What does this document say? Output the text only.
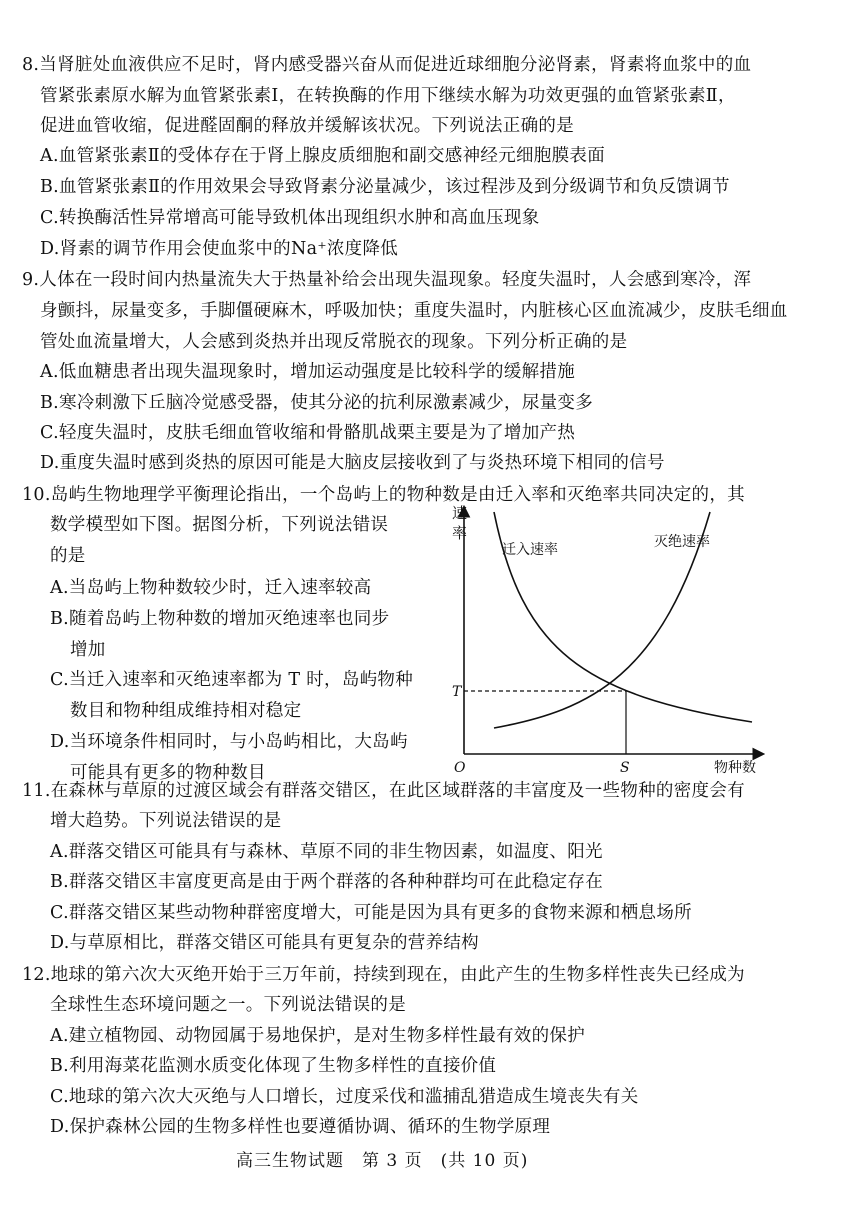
8.当肾脏处血液供应不足时，肾内感受器兴奋从而促进近球细胞分泌肾素，肾素将血浆中的血
管紧张素原水解为血管紧张素Ⅰ，在转换酶的作用下继续水解为功效更强的血管紧张素Ⅱ，
促进血管收缩，促进醛固酮的释放并缓解该状况。下列说法正确的是
A.血管紧张素Ⅱ的受体存在于肾上腺皮质细胞和副交感神经元细胞膜表面
B.血管紧张素Ⅱ的作用效果会导致肾素分泌量减少，该过程涉及到分级调节和负反馈调节
C.转换酶活性异常增高可能导致机体出现组织水肿和高血压现象
D.肾素的调节作用会使血浆中的Na⁺浓度降低
9.人体在一段时间内热量流失大于热量补给会出现失温现象。轻度失温时，人会感到寒冷，浑
身颤抖，尿量变多，手脚僵硬麻木，呼吸加快；重度失温时，内脏核心区血流减少，皮肤毛细血
管处血流量增大，人会感到炎热并出现反常脱衣的现象。下列分析正确的是
A.低血糖患者出现失温现象时，增加运动强度是比较科学的缓解措施
B.寒冷刺激下丘脑冷觉感受器，使其分泌的抗利尿激素减少，尿量变多
C.轻度失温时，皮肤毛细血管收缩和骨骼肌战栗主要是为了增加产热
D.重度失温时感到炎热的原因可能是大脑皮层接收到了与炎热环境下相同的信号
10.岛屿生物地理学平衡理论指出，一个岛屿上的物种数是由迁入率和灭绝率共同决定的，其
数学模型如下图。据图分析，下列说法错误
的是
A.当岛屿上物种数较少时，迁入速率较高
B.随着岛屿上物种数的增加灭绝速率也同步
增加
C.当迁入速率和灭绝速率都为 T 时，岛屿物种
数目和物种组成维持相对稳定
D.当环境条件相同时，与小岛屿相比，大岛屿
可能具有更多的物种数目
速
率
迁入速率	灭绝速率
T
S
O	物种数
11.在森林与草原的过渡区域会有群落交错区，在此区域群落的丰富度及一些物种的密度会有
增大趋势。下列说法错误的是
A.群落交错区可能具有与森林、草原不同的非生物因素，如温度、阳光
B.群落交错区丰富度更高是由于两个群落的各种种群均可在此稳定存在
C.群落交错区某些动物种群密度增大，可能是因为具有更多的食物来源和栖息场所
D.与草原相比，群落交错区可能具有更复杂的营养结构
12.地球的第六次大灭绝开始于三万年前，持续到现在，由此产生的生物多样性丧失已经成为
全球性生态环境问题之一。下列说法错误的是
A.建立植物园、动物园属于易地保护，是对生物多样性最有效的保护
B.利用海菜花监测水质变化体现了生物多样性的直接价值
C.地球的第六次大灭绝与人口增长，过度采伐和滥捕乱猎造成生境丧失有关
D.保护森林公园的生物多样性也要遵循协调、循环的生物学原理
高三生物试题　第 3 页　(共 10 页)
